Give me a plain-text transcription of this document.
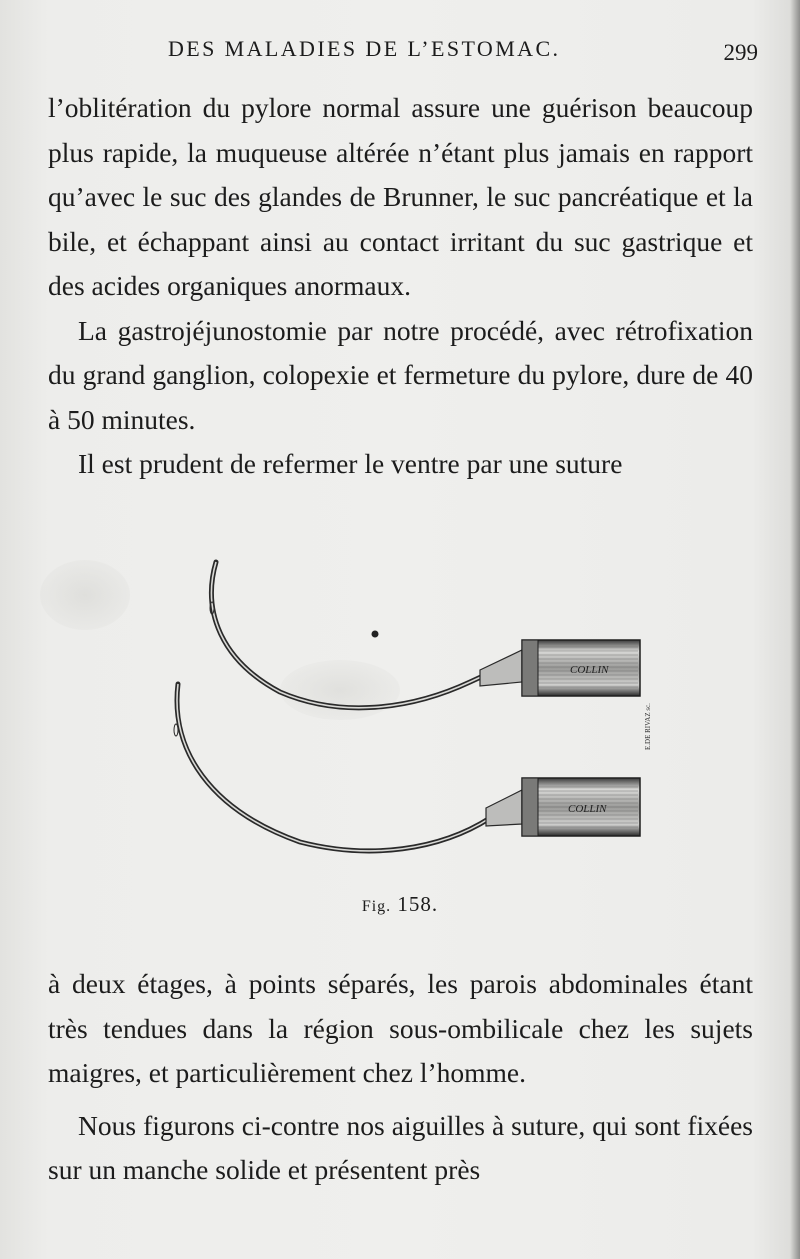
DES MALADIES DE L’ESTOMAC.	299

l’oblitération du pylore normal assure une guérison beaucoup plus rapide, la muqueuse altérée n’étant plus jamais en rapport qu’avec le suc des glandes de Brunner, le suc pancréatique et la bile, et échappant ainsi au contact irritant du suc gastrique et des acides organiques anormaux.

La gastrojéjunostomie par notre procédé, avec rétrofixation du grand ganglion, colopexie et fermeture du pylore, dure de 40 à 50 minutes.

Il est prudent de refermer le ventre par une suture

COLLIN
COLLIN
E.DE RIVAZ sc.
Fig. 158.

à deux étages, à points séparés, les parois abdominales étant très tendues dans la région sous-ombilicale chez les sujets maigres, et particulièrement chez l’homme.

Nous figurons ci-contre nos aiguilles à suture, qui sont fixées sur un manche solide et présentent près
